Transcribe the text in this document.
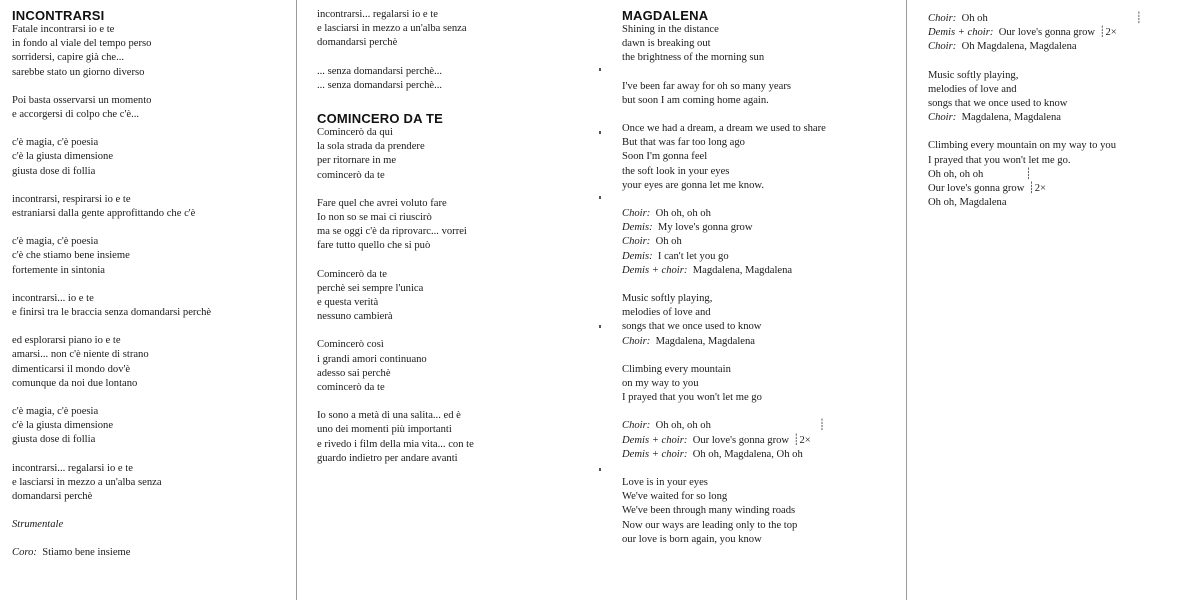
INCONTRARSI
Fatale incontrarsi io e te
in fondo al viale del tempo perso
sorridersi, capire già che...
sarebbe stato un giorno diverso
Poi basta osservarsi un momento
e accorgersi di colpo che c'è...
c'è magia, c'è poesia
c'è la giusta dimensione
giusta dose di follia
incontrarsi, respirarsi io e te
estraniarsi dalla gente approfittando che c'è
c'è magia, c'è poesia
c'è che stiamo bene insieme
fortemente in sintonia
incontrarsi... io e te
e finirsi tra le braccia senza domandarsi perchè
ed esplorarsi piano io e te
amarsi... non c'è niente di strano
dimenticarsi il mondo dov'è
comunque da noi due lontano
c'è magia, c'è poesia
c'è la giusta dimensione
giusta dose di follia
incontrarsi... regalarsi io e te
e lasciarsi in mezzo a un'alba senza
domandarsi perchè
Strumentale
Coro: Stiamo bene insieme
incontrarsi... regalarsi io e te
e lasciarsi in mezzo a un'alba senza
domandarsi perchè
... senza domandarsi perchè...
... senza domandarsi perchè...
COMINCERO DA TE
Comincerò da qui
la sola strada da prendere
per ritornare in me
comincerò da te
Fare quel che avrei voluto fare
Io non so se mai ci riuscirò
ma se oggi c'è da riprovarc... vorrei
fare tutto quello che si può
Comincerò da te
perchè sei sempre l'unica
e questa verità
nessuno cambierà
Comincerò così
i grandi amori continuano
adesso sai perchè
comincerò da te
Io sono a metà di una salita... ed è
uno dei momenti più importanti
e rivedo i film della mia vita... con te
guardo indietro per andare avanti
MAGDALENA
Shining in the distance
dawn is breaking out
the brightness of the morning sun
I've been far away for oh so many years
but soon I am coming home again.
Once we had a dream, a dream we used to share
But that was far too long ago
Soon I'm gonna feel
the soft look in your eyes
your eyes are gonna let me know.
Choir: Oh oh, oh oh
Demis: My love's gonna grow
Choir: Oh oh
Demis: I can't let you go
Demis + choir: Magdalena, Magdalena
Music softly playing,
melodies of love and
songs that we once used to know
Choir: Magdalena, Magdalena
Climbing every mountain
on my way to you
I prayed that you won't let me go
Choir: Oh oh, oh oh	┊
Demis + choir: Our love's gonna grow ┊2×
Demis + choir: Oh oh, Magdalena, Oh oh
Love is in your eyes
We've waited for so long
We've been through many winding roads
Now our ways are leading only to the top
our love is born again, you know
Choir: Oh oh	┊
Demis + choir: Our love's gonna grow ┊2×
Choir: Oh Magdalena, Magdalena
Music softly playing,
melodies of love and
songs that we once used to know
Choir: Magdalena, Magdalena
Climbing every mountain on my way to you
I prayed that you won't let me go.
Oh oh, oh oh	┊
Our love's gonna grow ┊2×
Oh oh, Magdalena
